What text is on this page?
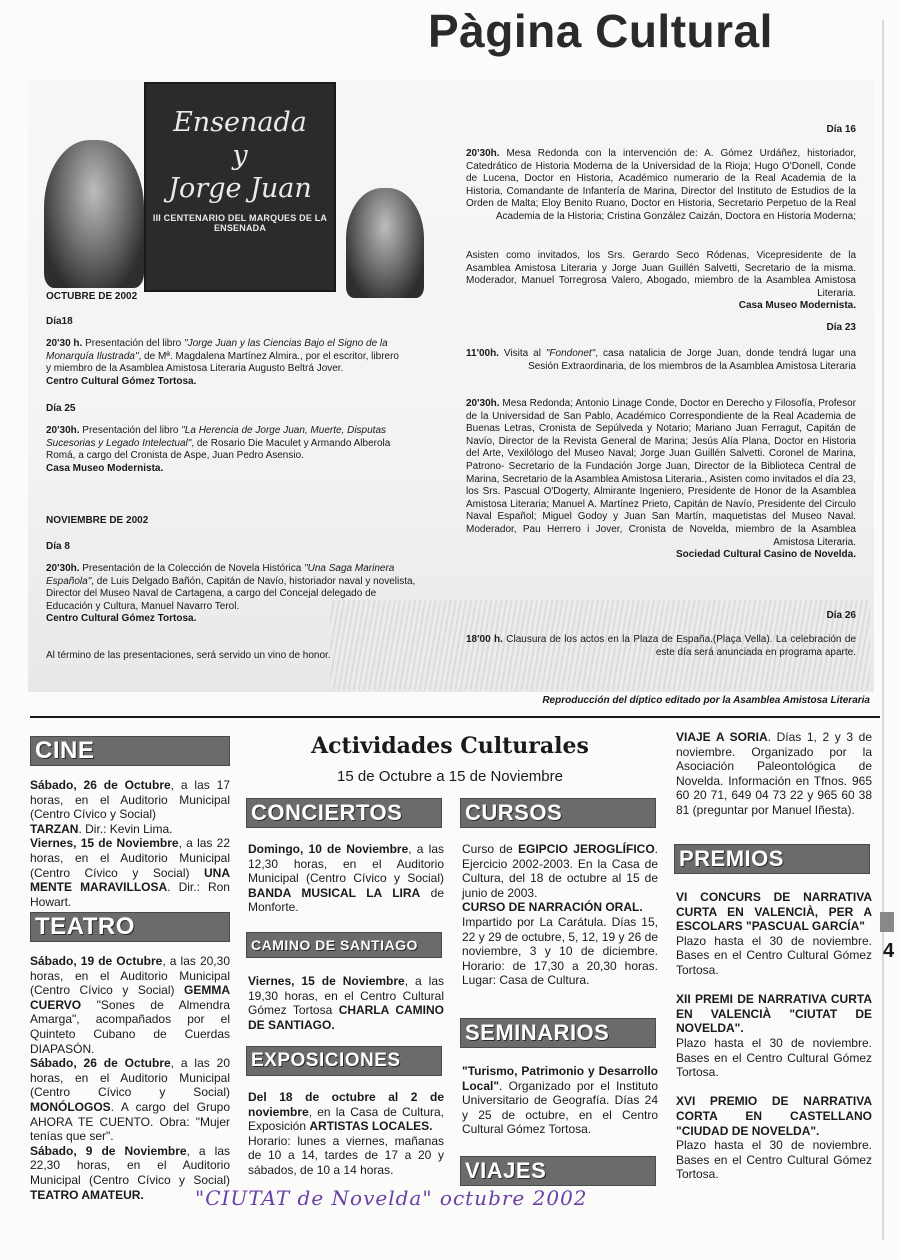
Pàgina Cultural
4
Ensenada
y
Jorge Juan
III CENTENARIO DEL MARQUES DE LA ENSENADA
OCTUBRE DE 2002
Día18
20'30 h. Presentación del libro "Jorge Juan y las Ciencias Bajo el Signo de la Monarquía Ilustrada", de Mª. Magdalena Martínez Almira., por el escritor, librero y miembro de la Asamblea Amistosa Literaria Augusto Beltrá Jover.
Centro Cultural Gómez Tortosa.
Día 25
20'30h. Presentación del libro "La Herencia de Jorge Juan, Muerte, Disputas Sucesorias y Legado Intelectual", de Rosario Die Maculet y Armando Alberola Romá, a cargo del Cronista de Aspe, Juan Pedro Asensio.
Casa Museo Modernista.
NOVIEMBRE DE 2002
Día 8
20'30h. Presentación de la Colección de Novela Histórica "Una Saga Marinera Española", de Luis Delgado Bañón, Capitán de Navío, historiador naval y novelista, Director del Museo Naval de Cartagena, a cargo del Concejal delegado de Educación y Cultura, Manuel Navarro Terol.
Centro Cultural Gómez Tortosa.
Al término de las presentaciones, será servido un vino de honor.
Día 16
20'30h. Mesa Redonda con la intervención de: A. Gómez Urdáñez, historiador, Catedrático de Historia Moderna de la Universidad de la Rioja; Hugo O'Donell, Conde de Lucena, Doctor en Historia, Académico numerario de la Real Academia de la Historia, Comandante de Infantería de Marina, Director del Instituto de Estudios de la Orden de Malta; Eloy Benito Ruano, Doctor en Historia, Secretario Perpetuo de la Real Academia de la Historia; Cristina González Caizán, Doctora en Historia Moderna;
Asisten como invitados, los Srs. Gerardo Seco Ródenas, Vicepresidente de la Asamblea Amistosa Literaria y Jorge Juan Guillén Salvetti, Secretario de la misma. Moderador, Manuel Torregrosa Valero, Abogado, miembro de la Asamblea Amistosa Literaria.
Casa Museo Modernista.
Día 23
11'00h. Visita al "Fondonet", casa natalicia de Jorge Juan, donde tendrá lugar una Sesión Extraordinaria, de los miembros de la Asamblea Amistosa Literaria
20'30h. Mesa Redonda; Antonio Linage Conde, Doctor en Derecho y Filosofía, Profesor de la Universidad de San Pablo, Académico Correspondiente de la Real Academia de Buenas Letras, Cronista de Sepúlveda y Notario; Mariano Juan Ferragut, Capitán de Navío, Director de la Revista General de Marina; Jesús Alía Plana, Doctor en Historia del Arte, Vexilólogo del Museo Naval; Jorge Juan Guillén Salvetti. Coronel de Marina, Patrono- Secretario de la Fundación Jorge Juan, Director de la Biblioteca Central de Marina, Secretario de la Asamblea Amistosa Literaria., Asisten como invitados el día 23, los Srs. Pascual O'Dogerty, Almirante Ingeniero, Presidente de Honor de la Asamblea Amistosa Literaria; Manuel A. Martínez Prieto, Capitán de Navío, Presidente del Circulo Naval Español; Miguel Godoy y Juan San Martín, maquetistas del Museo Naval. Moderador, Pau Herrero i Jover, Cronista de Novelda, miembro de la Asamblea Amistosa Literaria.
Sociedad Cultural Casino de Novelda.
Día 26
18'00 h. Clausura de los actos en la Plaza de España.(Plaça Vella). La celebración de este día será anunciada en programa aparte.
Reproducción del díptico editado por la Asamblea Amistosa Literaria
Actividades Culturales
15 de Octubre a 15 de Noviembre
CINE
Sábado, 26 de Octubre, a las 17 horas, en el Auditorio Municipal (Centro Cívico y Social)
TARZAN. Dir.: Kevin Lima.
Viernes, 15 de Noviembre, a las 22 horas, en el Auditorio Municipal (Centro Cívico y Social) UNA MENTE MARAVILLOSA. Dir.: Ron Howart.
TEATRO
Sábado, 19 de Octubre, a las 20,30 horas, en el Auditorio Municipal (Centro Cívico y Social) GEMMA CUERVO "Sones de Almendra Amarga", acompañados por el Quinteto Cubano de Cuerdas DIAPASÓN.
Sábado, 26 de Octubre, a las 20 horas, en el Auditorio Municipal (Centro Cívico y Social) MONÓLOGOS. A cargo del Grupo AHORA TE CUENTO. Obra: "Mujer tenías que ser".
Sábado, 9 de Noviembre, a las 22,30 horas, en el Auditorio Municipal (Centro Cívico y Social) TEATRO AMATEUR.
CONCIERTOS
Domingo, 10 de Noviembre, a las 12,30 horas, en el Auditorio Municipal (Centro Cívico y Social) BANDA MUSICAL LA LIRA de Monforte.
CAMINO DE SANTIAGO
Viernes, 15 de Noviembre, a las 19,30 horas, en el Centro Cultural Gómez Tortosa CHARLA CAMINO DE SANTIAGO.
EXPOSICIONES
Del 18 de octubre al 2 de noviembre, en la Casa de Cultura, Exposición ARTISTAS LOCALES.
Horario: lunes a viernes, mañanas de 10 a 14, tardes de 17 a 20 y sábados, de 10 a 14 horas.
CURSOS
Curso de EGIPCIO JEROGLÍFICO. Ejercicio 2002-2003. En la Casa de Cultura, del 18 de octubre al 15 de junio de 2003.
CURSO DE NARRACIÓN ORAL.
Impartido por La Carátula. Días 15, 22 y 29 de octubre, 5, 12, 19 y 26 de noviembre, 3 y 10 de diciembre. Horario: de 17,30 a 20,30 horas. Lugar: Casa de Cultura.
SEMINARIOS
"Turismo, Patrimonio y Desarrollo Local". Organizado por el Instituto Universitario de Geografía. Días 24 y 25 de octubre, en el Centro Cultural Gómez Tortosa.
VIAJES
VIAJE A SORIA. Días 1, 2 y 3 de noviembre. Organizado por la Asociación Paleontológica de Novelda. Información en Tfnos. 965 60 20 71, 649 04 73 22 y 965 60 38 81 (preguntar por Manuel Iñesta).
PREMIOS
VI CONCURS DE NARRATIVA CURTA EN VALENCIÀ, PER A ESCOLARS "PASCUAL GARCÍA"
Plazo hasta el 30 de noviembre. Bases en el Centro Cultural Gómez Tortosa.

XII PREMI DE NARRATIVA CURTA EN VALENCIÀ "CIUTAT DE NOVELDA".
Plazo hasta el 30 de noviembre. Bases en el Centro Cultural Gómez Tortosa.

XVI PREMIO DE NARRATIVA CORTA EN CASTELLANO "CIUDAD DE NOVELDA".
Plazo hasta el 30 de noviembre. Bases en el Centro Cultural Gómez Tortosa.
"CIUTAT de Novelda" octubre 2002
